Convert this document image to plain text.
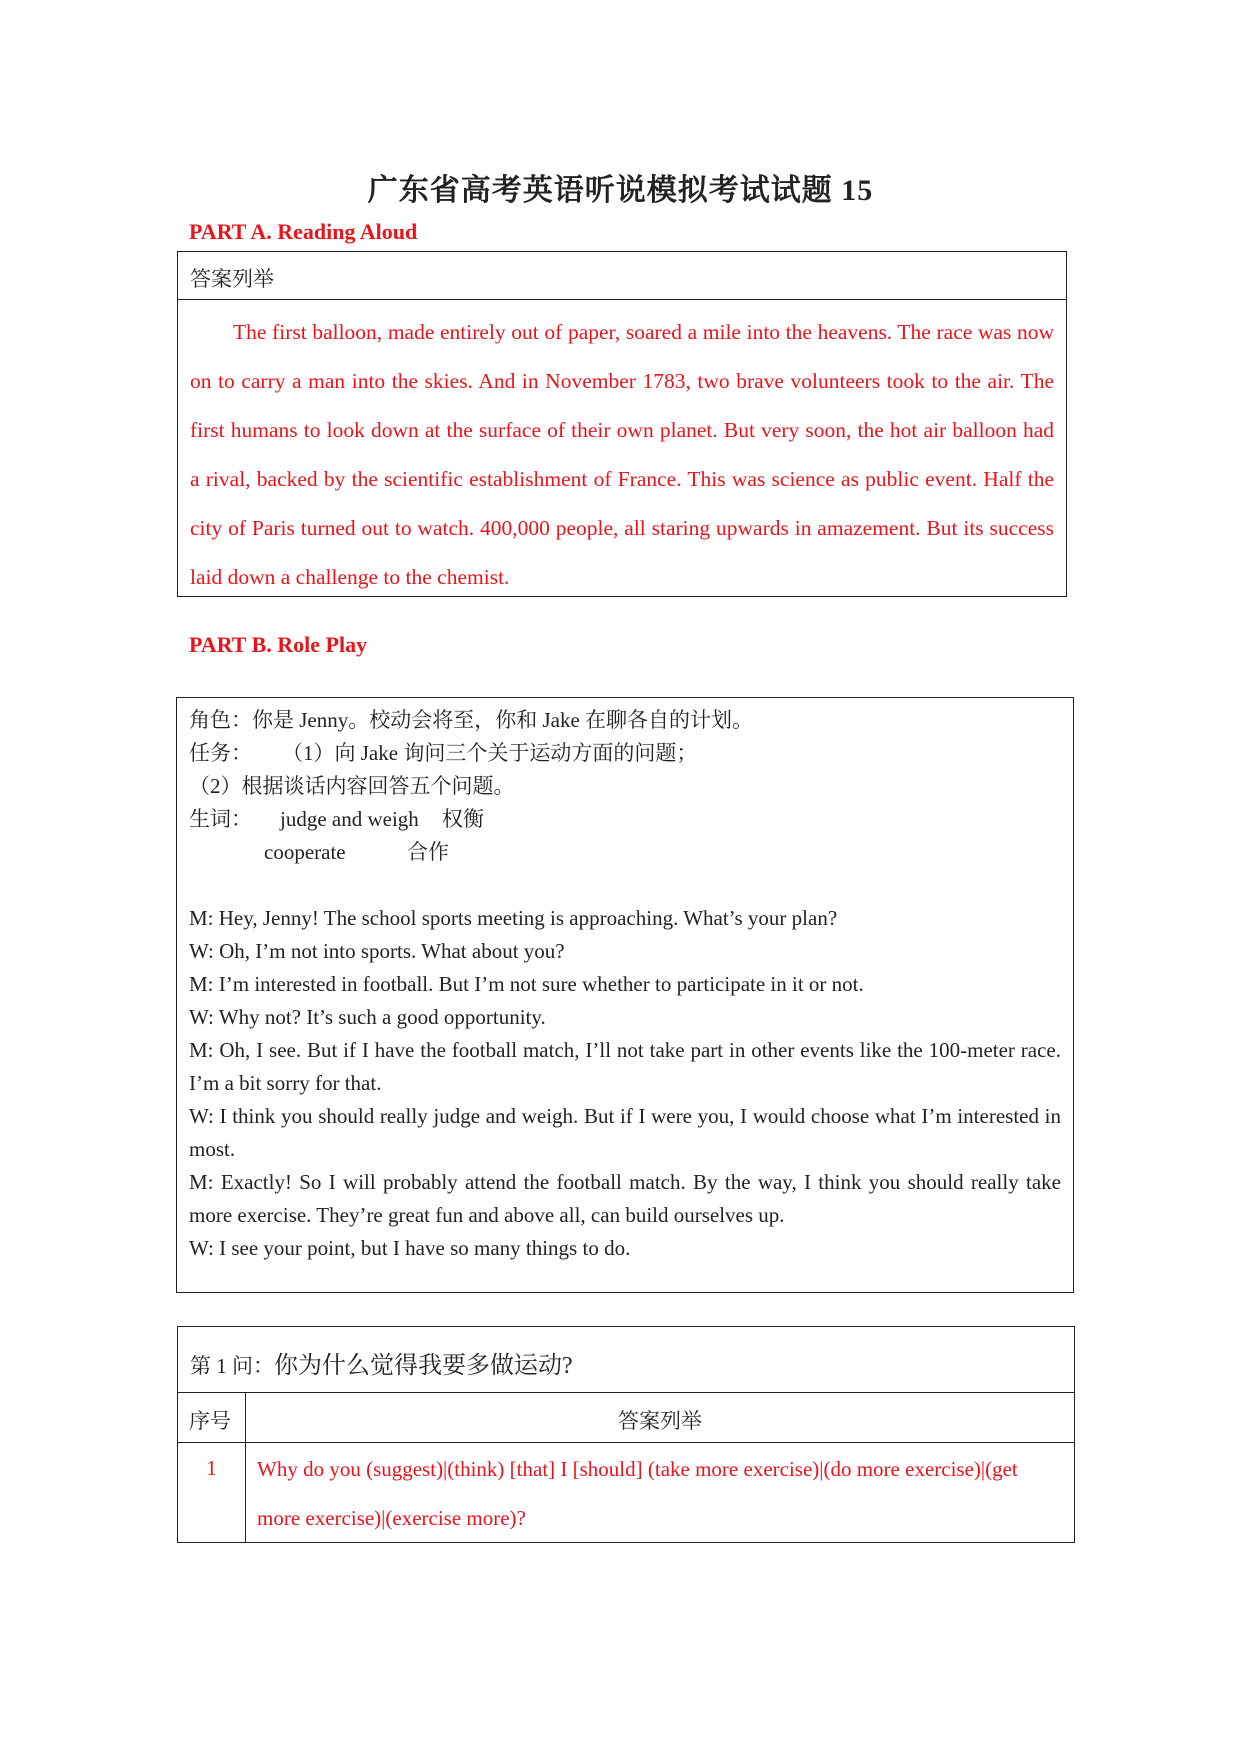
广东省高考英语听说模拟考试试题 15
PART A. Reading Aloud
答案列举
The first balloon, made entirely out of paper, soared a mile into the heavens. The race was now on to carry a man into the skies. And in November 1783, two brave volunteers took to the air. The first humans to look down at the surface of their own planet. But very soon, the hot air balloon had a rival, backed by the scientific establishment of France. This was science as public event. Half the city of Paris turned out to watch. 400,000 people, all staring upwards in amazement. But its success laid down a challenge to the chemist.
PART B. Role Play
角色：你是 Jenny。校动会将至，你和 Jake 在聊各自的计划。
任务： （1）向 Jake 询问三个关于运动方面的问题；
（2）根据谈话内容回答五个问题。
生词： judge and weigh 权衡
cooperate	合作
M: Hey, Jenny! The school sports meeting is approaching. What’s your plan?
W: Oh, I’m not into sports. What about you?
M: I’m interested in football. But I’m not sure whether to participate in it or not.
W: Why not? It’s such a good opportunity.
M: Oh, I see. But if I have the football match, I’ll not take part in other events like the 100-meter race. I’m a bit sorry for that.
W: I think you should really judge and weigh. But if I were you, I would choose what I’m interested in most.
M: Exactly! So I will probably attend the football match. By the way, I think you should really take more exercise. They’re great fun and above all, can build ourselves up.
W: I see your point, but I have so many things to do.
第 1 问：你为什么觉得我要多做运动?
序号	答案列举
1	Why do you (suggest)|(think) [that] I [should] (take more exercise)|(do more exercise)|(get more exercise)|(exercise more)?
